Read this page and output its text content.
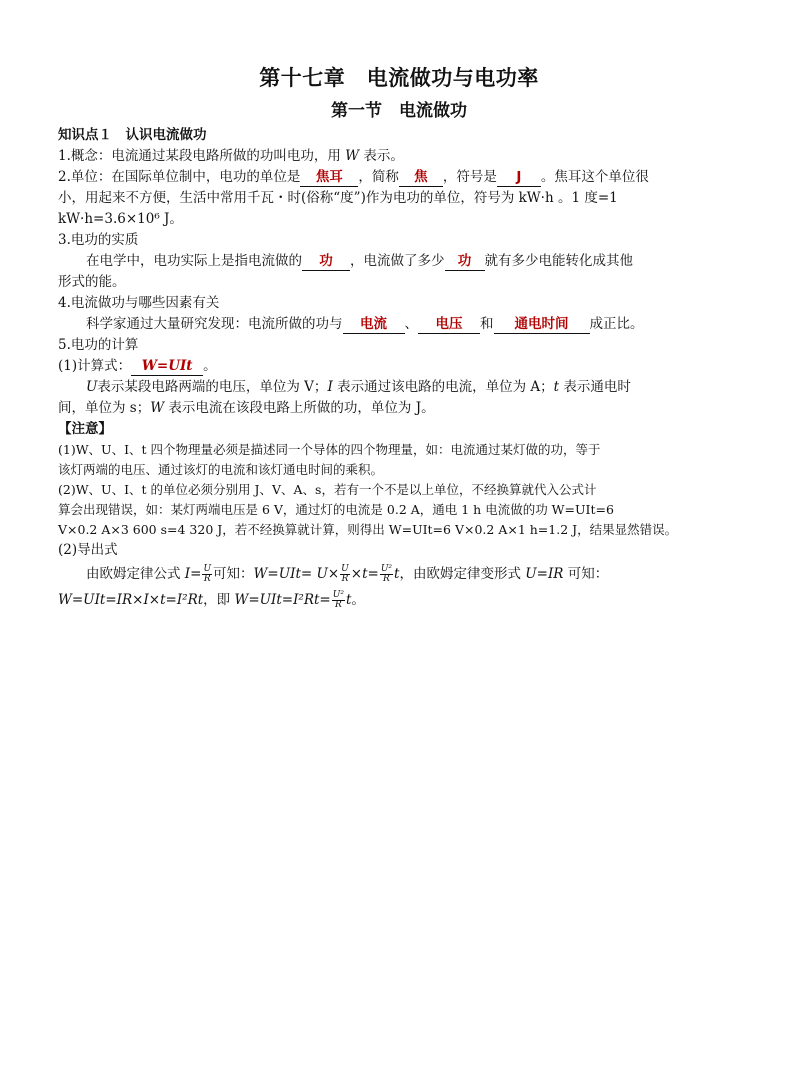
第十七章　电流做功与电功率
第一节　电流做功
知识点１　认识电流做功
1.概念：电流通过某段电路所做的功叫电功，用 W 表示。
2.单位：在国际单位制中，电功的单位是 焦耳 ，简称 焦 ，符号是 J 。焦耳这个单位很
小，用起来不方便，生活中常用千瓦・时(俗称“度”)作为电功的单位，符号为 kW·h 。1 度=1
kW·h=3.6×10⁶ J。
3.电功的实质
在电学中，电功实际上是指电流做的 功 ，电流做了多少 功 就有多少电能转化成其他
形式的能。
4.电流做功与哪些因素有关
科学家通过大量研究发现：电流所做的功与 电流 、 电压 和 通电时间 成正比。
5.电功的计算
(1)计算式： W=UIt 。
U表示某段电路两端的电压，单位为 V；I 表示通过该电路的电流，单位为 A；t 表示通电时
间，单位为 s；W 表示电流在该段电路上所做的功，单位为 J。
【注意】
(1)W、U、I、t 四个物理量必须是描述同一个导体的四个物理量，如：电流通过某灯做的功，等于
该灯两端的电压、通过该灯的电流和该灯通电时间的乘积。
(2)W、U、I、t 的单位必须分别用 J、V、A、s，若有一个不是以上单位，不经换算就代入公式计
算会出现错误，如：某灯两端电压是 6 V，通过灯的电流是 0.2 A，通电 1 h 电流做的功 W=UIt=6
V×0.2 A×3 600 s=4 320 J，若不经换算就计算，则得出 W=UIt=6 V×0.2 A×1 h=1.2 J，结果显然错误。
(2)导出式
由欧姆定律公式 $I= \frac{U}{R}$ 可知：$W=UIt= U\times \frac{U}{R} \times t= \frac{\text{U²}}{R}$ t，由欧姆定律变形式 U=IR 可知：
W=UIt=IR×I×t=I²Rt，即 $W=UIt=I^2Rt= \frac{\text{U²}}{R}$ t。
